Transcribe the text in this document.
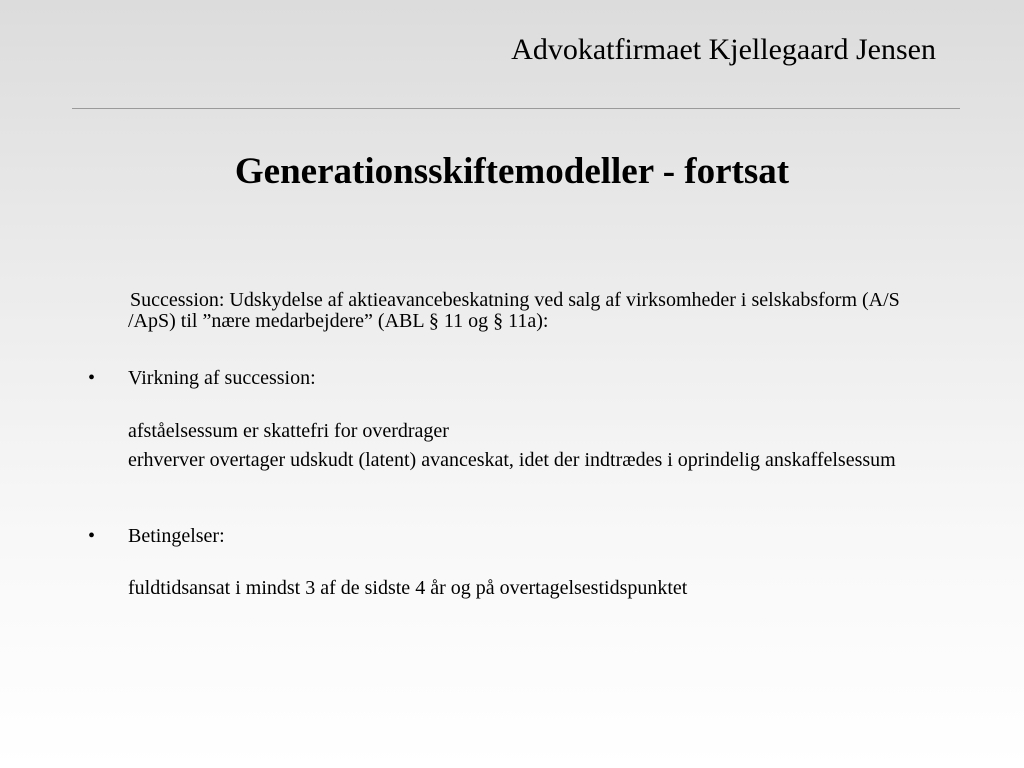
Advokatfirmaet Kjellegaard Jensen
Generationsskiftemodeller - fortsat
Succession: Udskydelse af aktieavancebeskatning ved salg af virksomheder i selskabsform (A/S /ApS) til ”nære medarbejdere” (ABL § 11 og § 11a):
• Virkning af succession:
afståelsessum er skattefri for overdrager
erhverver overtager udskudt (latent) avanceskat, idet der indtrædes i oprindelig anskaffelsessum
• Betingelser:
fuldtidsansat i mindst 3 af de sidste 4 år og på overtagelsestidspunktet
